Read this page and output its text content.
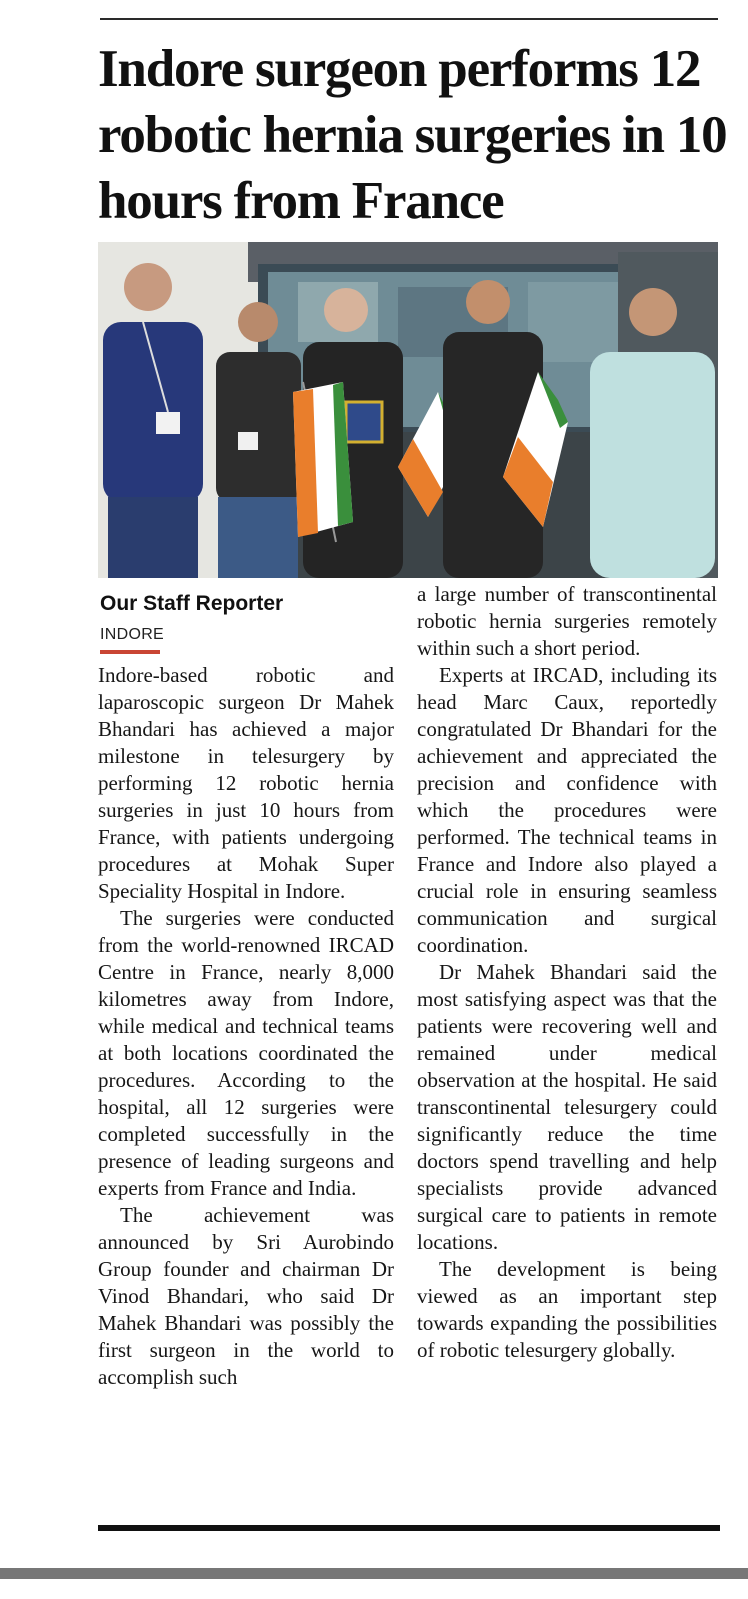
Indore surgeon performs 12 robotic hernia surgeries in 10 hours from France
Our Staff Reporter
INDORE

Indore-based robotic and laparoscopic surgeon Dr Mahek Bhandari has achieved a major milestone in telesurgery by performing 12 robotic hernia surgeries in just 10 hours from France, with patients undergoing procedures at Mohak Super Speciality Hospital in Indore.

The surgeries were conducted from the world-renowned IRCAD Centre in France, nearly 8,000 kilometres away from Indore, while medical and technical teams at both locations coordinated the procedures. According to the hospital, all 12 surgeries were completed successfully in the presence of leading surgeons and experts from France and India.

The achievement was announced by Sri Aurobindo Group founder and chairman Dr Vinod Bhandari, who said Dr Mahek Bhandari was possibly the first surgeon in the world to accomplish such

a large number of transcontinental robotic hernia surgeries remotely within such a short period.

Experts at IRCAD, including its head Marc Caux, reportedly congratulated Dr Bhandari for the achievement and appreciated the precision and confidence with which the procedures were performed. The technical teams in France and Indore also played a crucial role in ensuring seamless communication and surgical coordination.

Dr Mahek Bhandari said the most satisfying aspect was that the patients were recovering well and remained under medical observation at the hospital. He said transcontinental telesurgery could significantly reduce the time doctors spend travelling and help specialists provide advanced surgical care to patients in remote locations.

The development is being viewed as an important step towards expanding the possibilities of robotic telesurgery globally.
